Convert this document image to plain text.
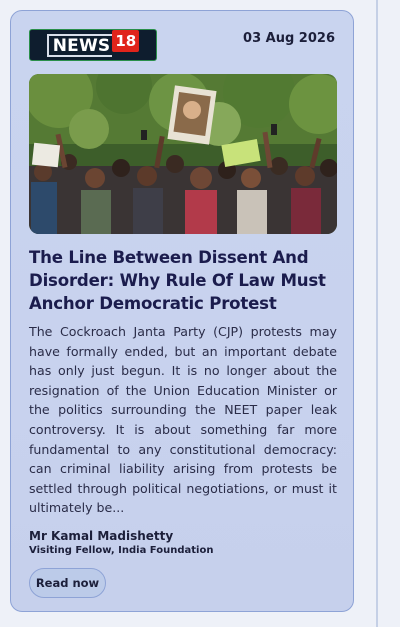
NEWS 18	03 Aug 2026
The Line Between Dissent And Disorder: Why Rule Of Law Must Anchor Democratic Protest

The Cockroach Janta Party (CJP) protests may have formally ended, but an important debate has only just begun. It is no longer about the resignation of the Union Education Minister or the politics surrounding the NEET paper leak controversy. It is about something far more fundamental to any constitutional democracy: can criminal liability arising from protests be settled through political negotiations, or must it ultimately be...

Mr Kamal Madishetty
Visiting Fellow, India Foundation
Read now
